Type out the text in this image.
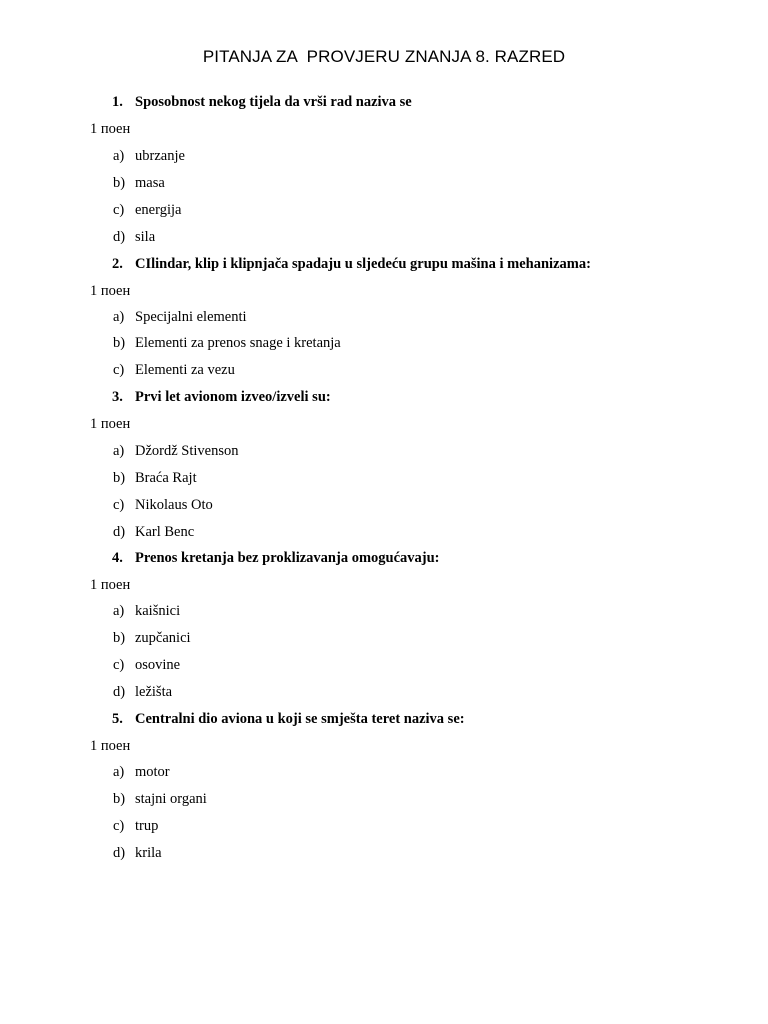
PITANJA ZA  PROVJERU ZNANJA 8. RAZRED
1. Sposobnost nekog tijela da vrši rad naziva se
1 поен
a) ubrzanje
b) masa
c) energija
d) sila
2. CIlindar, klip i klipnjača spadaju u sljedeću grupu mašina i mehanizama:
1 поен
a) Specijalni elementi
b) Elementi za prenos snage i kretanja
c) Elementi za vezu
3. Prvi let avionom izveo/izveli su:
1 поен
a) Džordž Stivenson
b) Braća Rajt
c) Nikolaus Oto
d) Karl Benc
4. Prenos kretanja bez proklizavanja omogućavaju:
1 поен
a) kaišnici
b) zupčanici
c) osovine
d) ležišta
5. Centralni dio aviona u koji se smješta teret naziva se:
1 поен
a) motor
b) stajni organi
c) trup
d) krila
